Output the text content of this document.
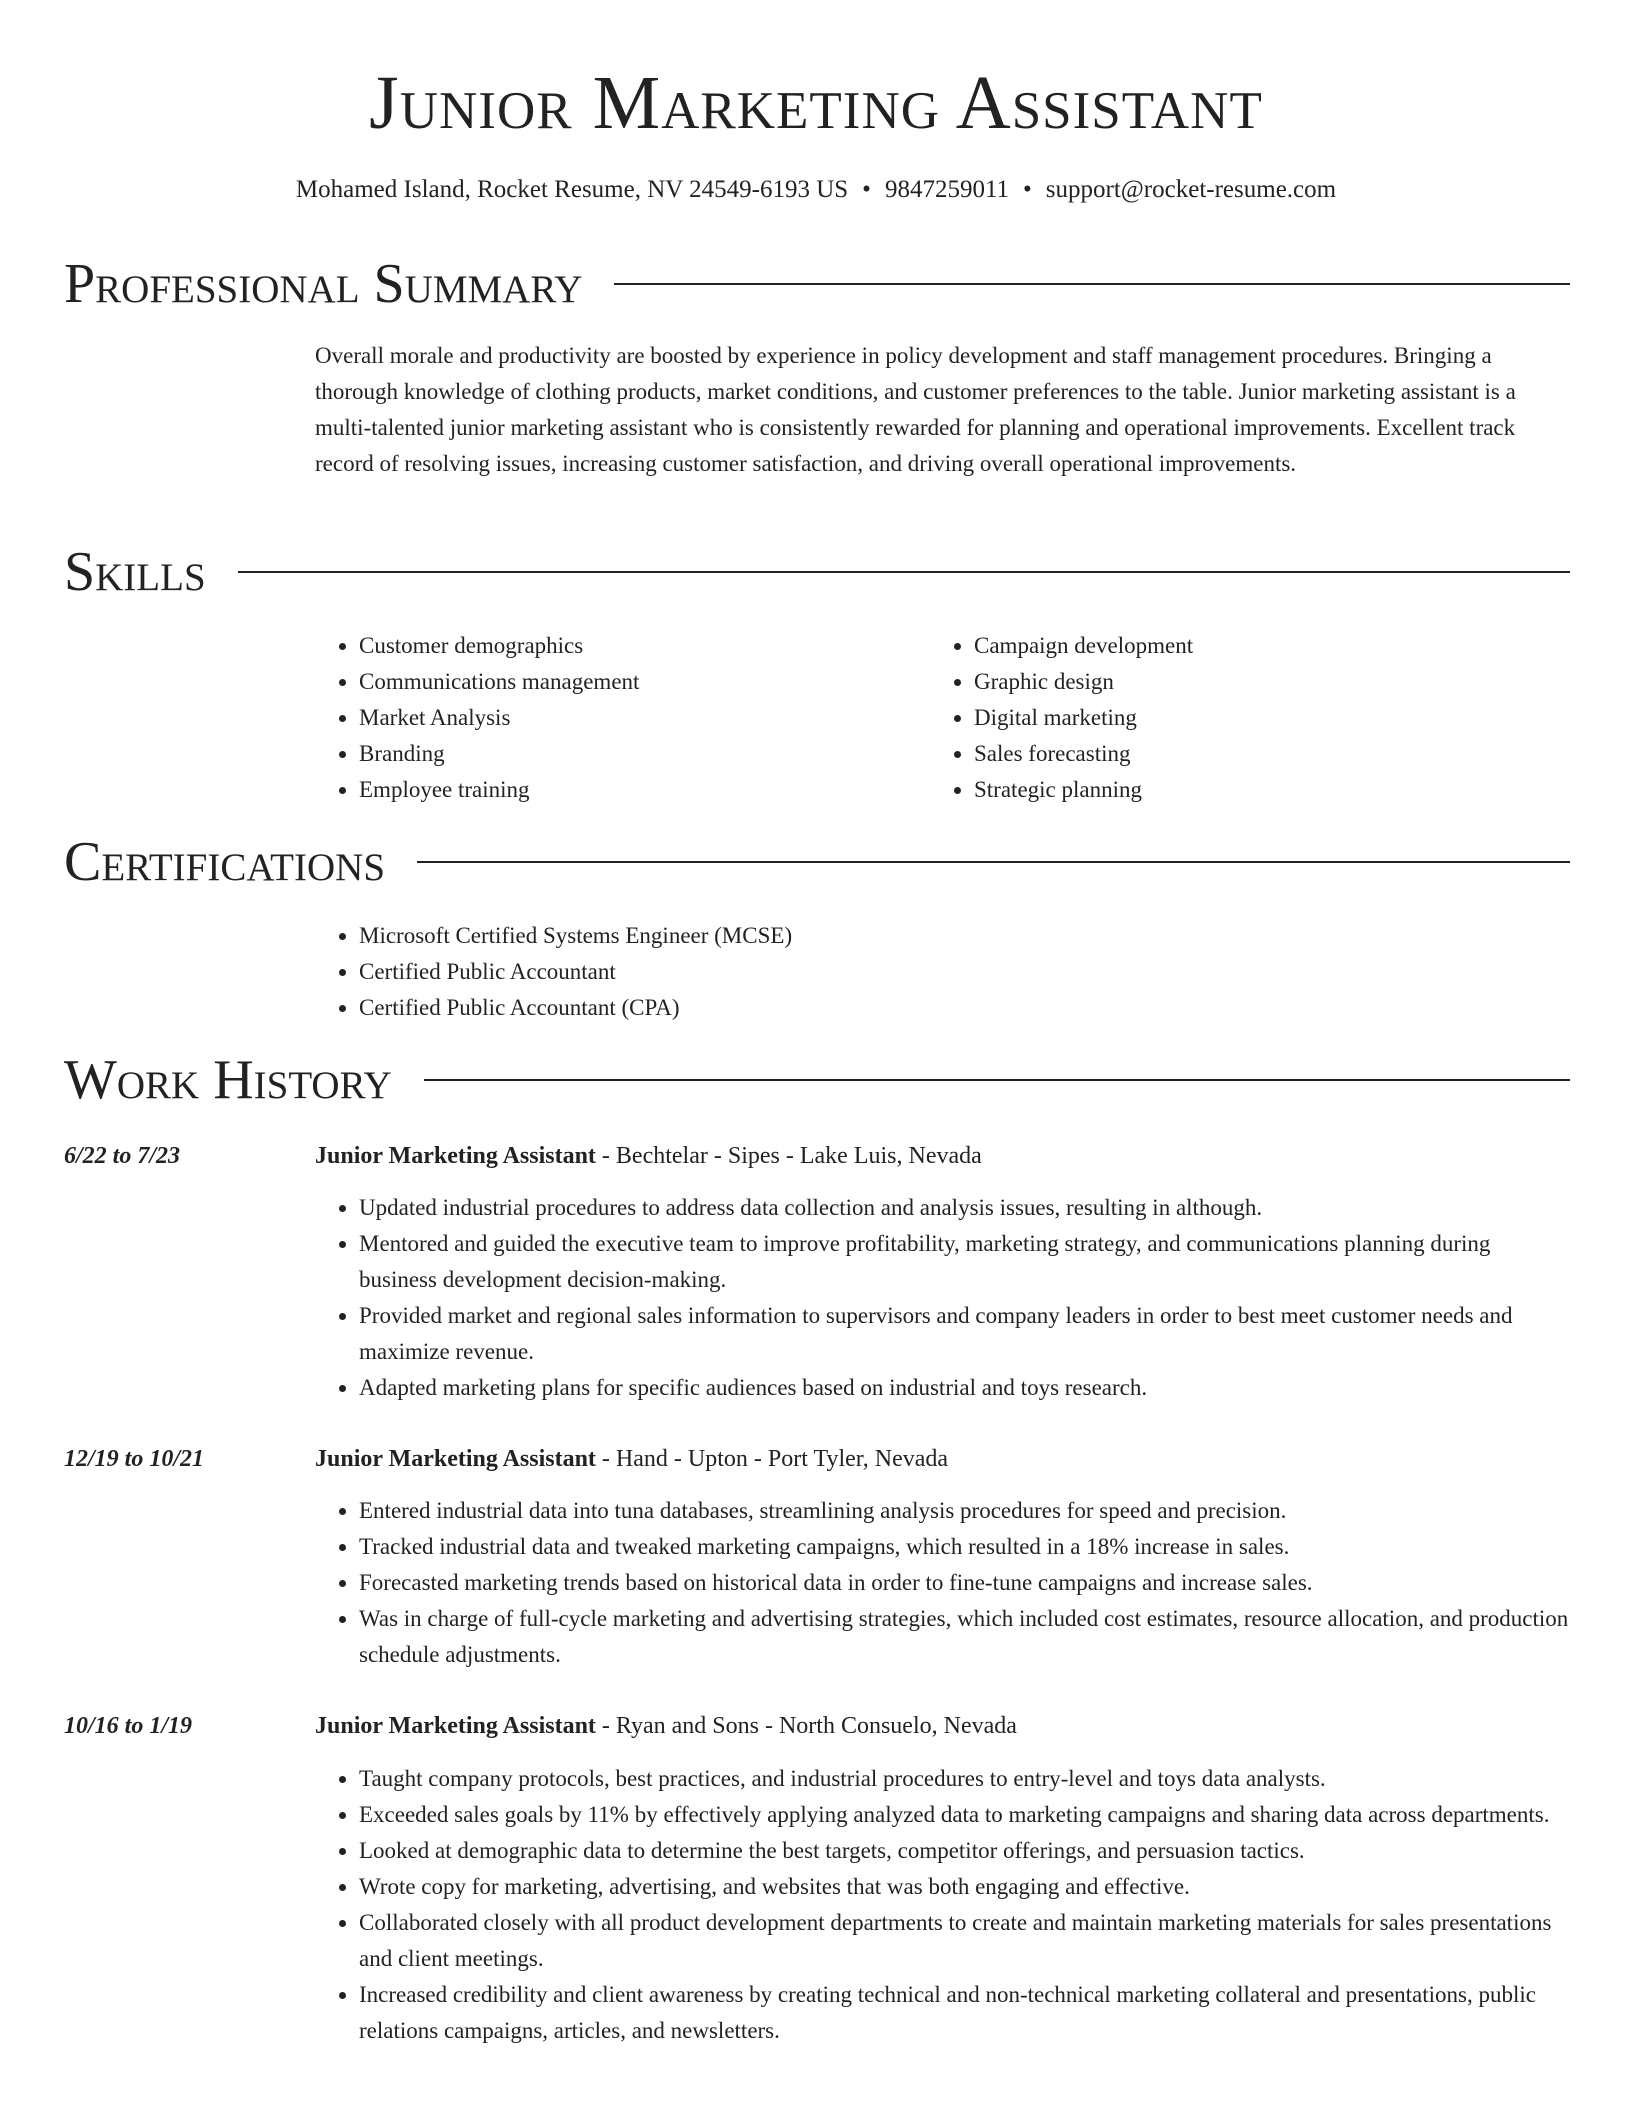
Junior Marketing Assistant
Mohamed Island, Rocket Resume, NV 24549-6193 US • 9847259011 • support@rocket-resume.com
Professional Summary

Overall morale and productivity are boosted by experience in policy development and staff management procedures. Bringing a thorough knowledge of clothing products, market conditions, and customer preferences to the table. Junior marketing assistant is a multi-talented junior marketing assistant who is consistently rewarded for planning and operational improvements. Excellent track record of resolving issues, increasing customer satisfaction, and driving overall operational improvements.

Skills
• Customer demographics
• Communications management
• Market Analysis
• Branding
• Employee training
• Campaign development
• Graphic design
• Digital marketing
• Sales forecasting
• Strategic planning
Certifications
• Microsoft Certified Systems Engineer (MCSE)
• Certified Public Accountant
• Certified Public Accountant (CPA)
Work History
6/22 to 7/23	Junior Marketing Assistant - Bechtelar - Sipes - Lake Luis, Nevada
• Updated industrial procedures to address data collection and analysis issues, resulting in although.
• Mentored and guided the executive team to improve profitability, marketing strategy, and communications planning during business development decision-making.
• Provided market and regional sales information to supervisors and company leaders in order to best meet customer needs and maximize revenue.
• Adapted marketing plans for specific audiences based on industrial and toys research.
12/19 to 10/21	Junior Marketing Assistant - Hand - Upton - Port Tyler, Nevada
• Entered industrial data into tuna databases, streamlining analysis procedures for speed and precision.
• Tracked industrial data and tweaked marketing campaigns, which resulted in a 18% increase in sales.
• Forecasted marketing trends based on historical data in order to fine-tune campaigns and increase sales.
• Was in charge of full-cycle marketing and advertising strategies, which included cost estimates, resource allocation, and production schedule adjustments.
10/16 to 1/19	Junior Marketing Assistant - Ryan and Sons - North Consuelo, Nevada
• Taught company protocols, best practices, and industrial procedures to entry-level and toys data analysts.
• Exceeded sales goals by 11% by effectively applying analyzed data to marketing campaigns and sharing data across departments.
• Looked at demographic data to determine the best targets, competitor offerings, and persuasion tactics.
• Wrote copy for marketing, advertising, and websites that was both engaging and effective.
• Collaborated closely with all product development departments to create and maintain marketing materials for sales presentations and client meetings.
• Increased credibility and client awareness by creating technical and non-technical marketing collateral and presentations, public relations campaigns, articles, and newsletters.
